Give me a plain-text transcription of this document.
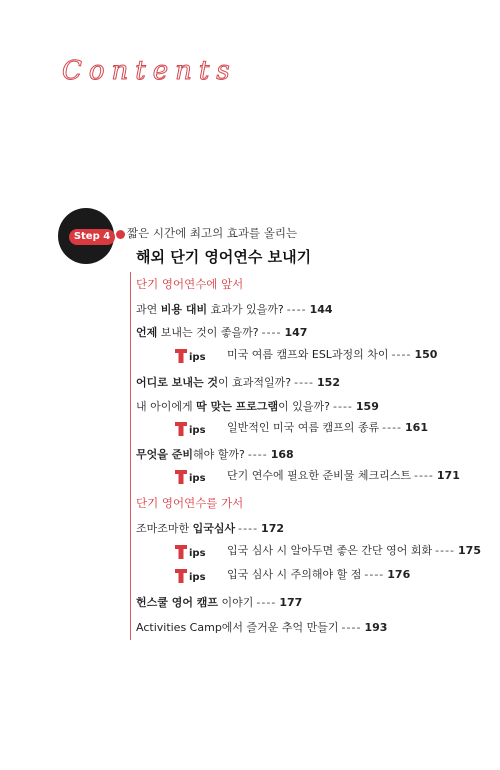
Contents
Step 4	짧은 시간에 최고의 효과를 올리는
해외 단기 영어연수 보내기
단기 영어연수에 앞서
과연 비용 대비 효과가 있을까? ---- 144
언제 보내는 것이 좋을까? ---- 147
ips 미국 여름 캠프와 ESL과정의 차이 ---- 150
어디로 보내는 것이 효과적일까? ---- 152
내 아이에게 딱 맞는 프로그램이 있을까? ---- 159
ips 일반적인 미국 여름 캠프의 종류 ---- 161
무엇을 준비해야 할까? ---- 168
ips 단기 연수에 필요한 준비물 체크리스트 ---- 171
단기 영어연수를 가서
조마조마한 입국심사 ---- 172
ips 입국 심사 시 알아두면 좋은 간단 영어 회화 ---- 175
ips 입국 심사 시 주의해야 할 점 ---- 176
헌스쿨 영어 캠프 이야기 ---- 177
Activities Camp에서 즐거운 추억 만들기 ---- 193
